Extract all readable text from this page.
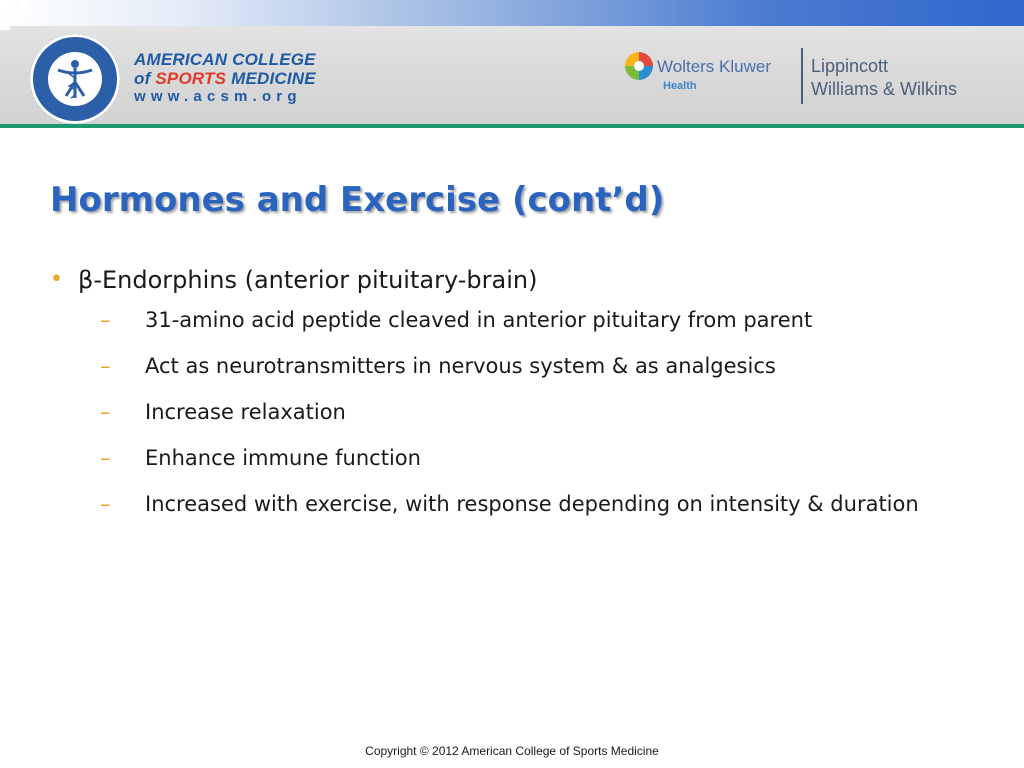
AMERICAN COLLEGE
of SPORTS MEDICINE
www.acsm.org
Wolters Kluwer
Health
Lippincott
Williams & Wilkins
Hormones and Exercise (cont’d)
• β-Endorphins (anterior pituitary-brain)
– 31-amino acid peptide cleaved in anterior pituitary from parent
– Act as neurotransmitters in nervous system & as analgesics
– Increase relaxation
– Enhance immune function
– Increased with exercise, with response depending on intensity & duration
Copyright © 2012 American College of Sports Medicine
